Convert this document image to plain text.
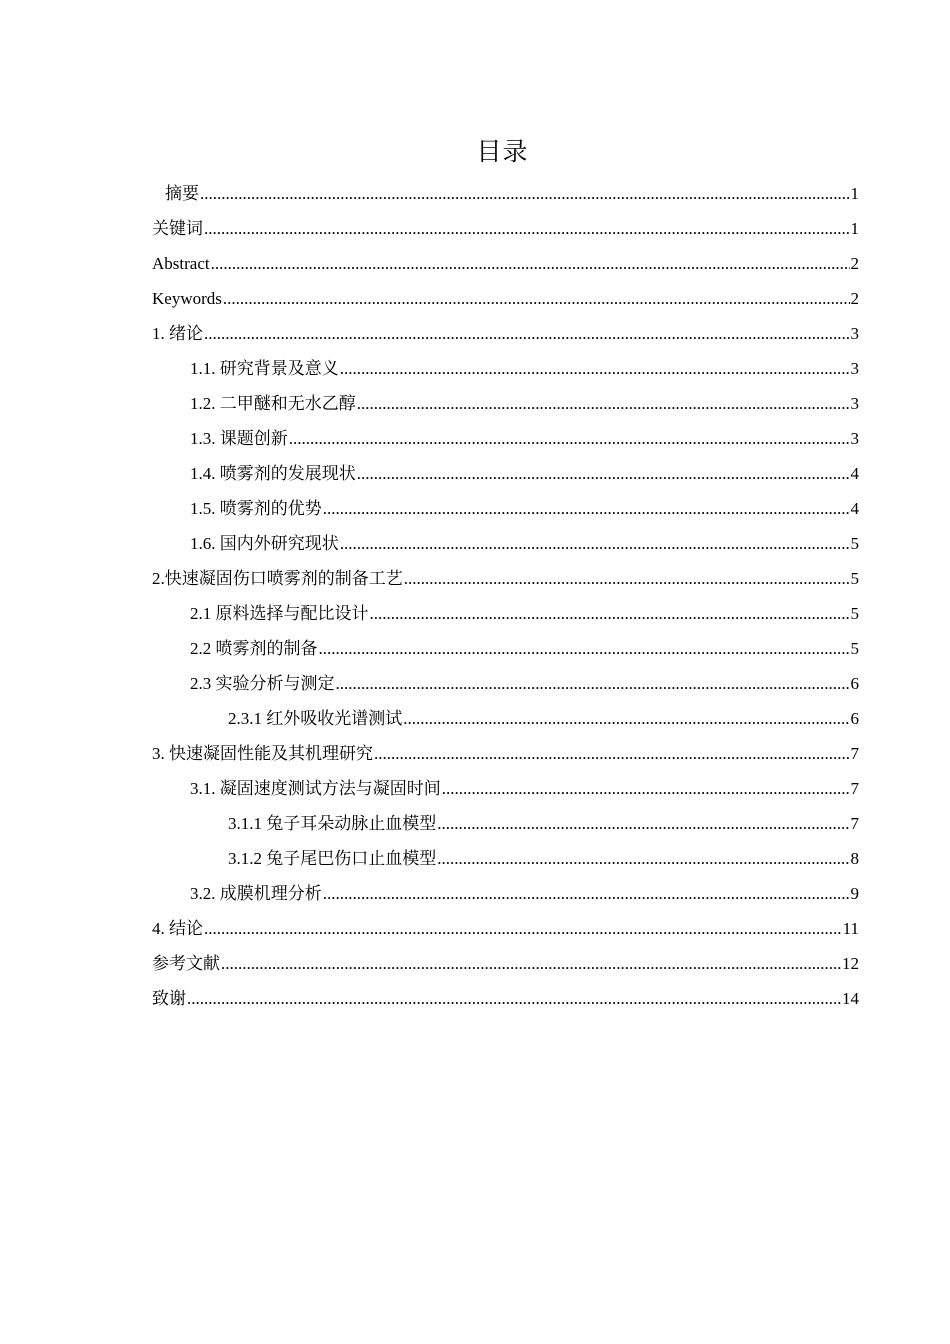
目录
摘要 .....	1
关键词 .....	1
Abstract .....	2
Keywords .....	2
1. 绪论 .....	3
1.1. 研究背景及意义 .....	3
1.2. 二甲醚和无水乙醇 .....	3
1.3. 课题创新 .....	3
1.4. 喷雾剂的发展现状 .....	4
1.5. 喷雾剂的优势 .....	4
1.6. 国内外研究现状 .....	5
2.快速凝固伤口喷雾剂的制备工艺 .....	5
2.1 原料选择与配比设计 .....	5
2.2 喷雾剂的制备 .....	5
2.3 实验分析与测定 .....	6
2.3.1 红外吸收光谱测试 .....	6
3. 快速凝固性能及其机理研究 .....	7
3.1. 凝固速度测试方法与凝固时间 .....	7
3.1.1 兔子耳朵动脉止血模型 .....	7
3.1.2 兔子尾巴伤口止血模型 .....	8
3.2. 成膜机理分析 .....	9
4. 结论 .....	11
参考文献 .....	12
致谢 .....	14
